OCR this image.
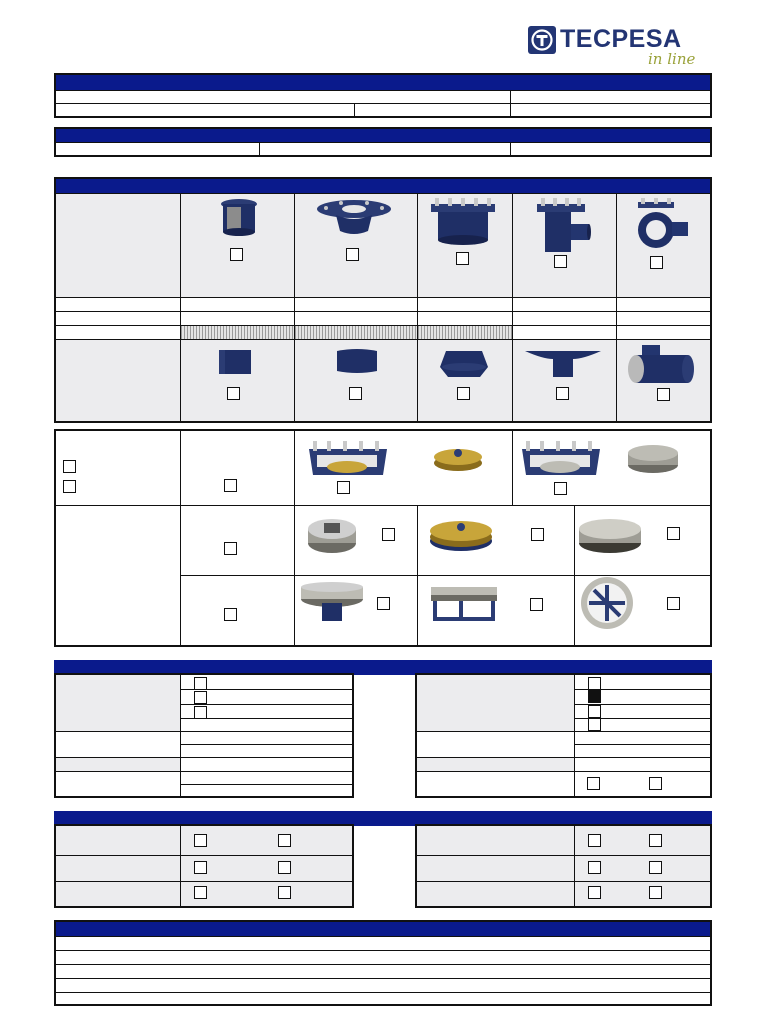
TECPESA
in line
